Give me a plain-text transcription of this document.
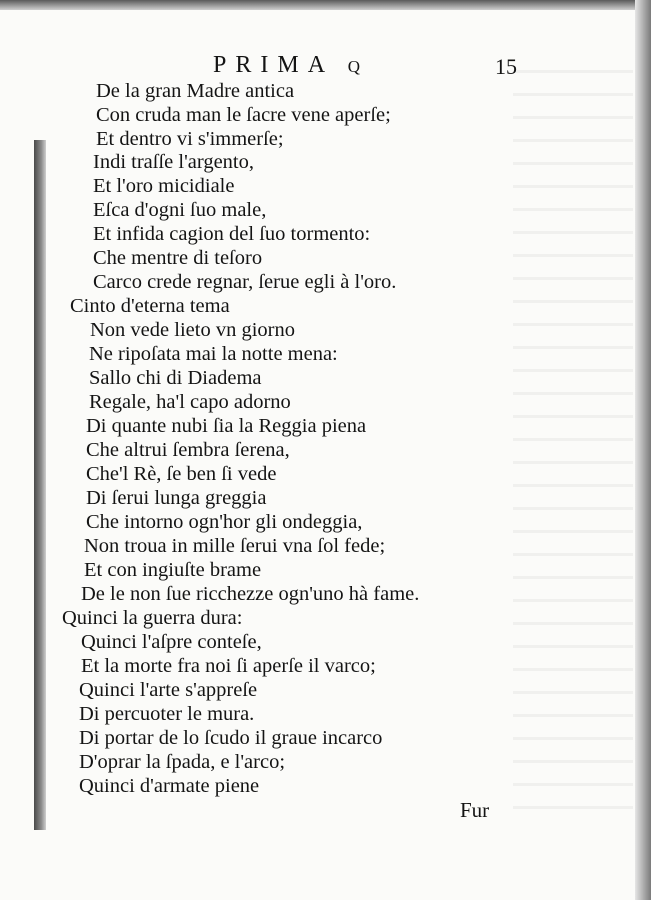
PRIMA q	15
De la gran Madre antica
Con cruda man le ſacre vene aperſe;
Et dentro vi s'immerſe;
Indi traſſe l'argento,
Et l'oro micidiale
Eſca d'ogni ſuo male,
Et infida cagion del ſuo tormento:
Che mentre di teſoro
Carco crede regnar, ſerue egli à l'oro.
Cinto d'eterna tema
Non vede lieto vn giorno
Ne ripoſata mai la notte mena:
Sallo chi di Diadema
Regale, ha'l capo adorno
Di quante nubi ſia la Reggia piena
Che altrui ſembra ſerena,
Che'l Rè, ſe ben ſi vede
Di ſerui lunga greggia
Che intorno ogn'hor gli ondeggia,
Non troua in mille ſerui vna ſol fede;
Et con ingiuſte brame
De le non ſue ricchezze ogn'uno hà fame.
Quinci la guerra dura:
Quinci l'aſpre conteſe,
Et la morte fra noi ſi aperſe il varco;
Quinci l'arte s'appreſe
Di percuoter le mura.
Di portar de lo ſcudo il graue incarco
D'oprar la ſpada, e l'arco;
Quinci d'armate piene
Fur
